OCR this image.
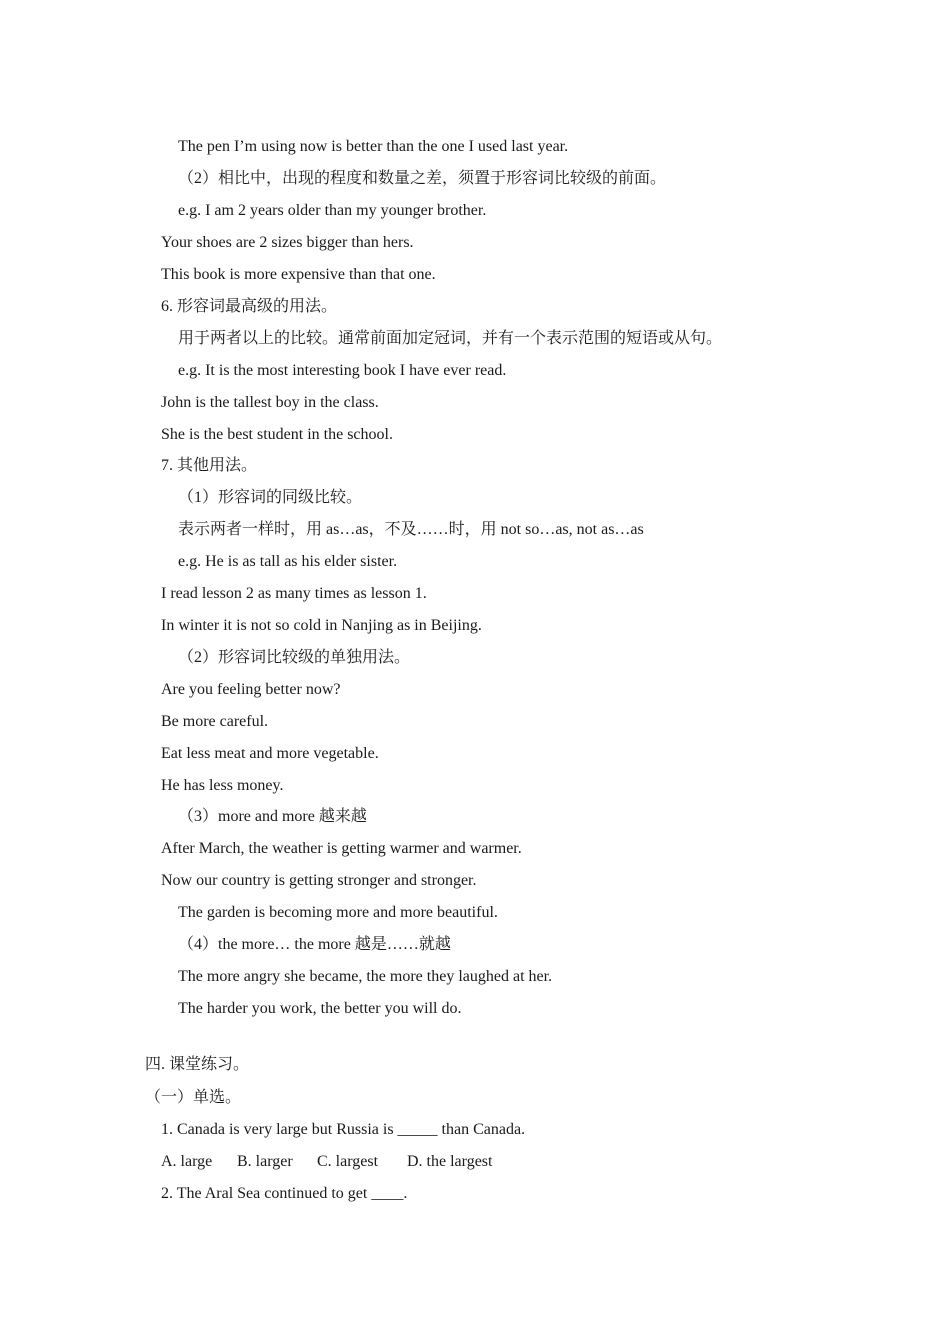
The pen I’m using now is better than the one I used last year.
（2）相比中，出现的程度和数量之差，须置于形容词比较级的前面。
e.g. I am 2 years older than my younger brother.
Your shoes are 2 sizes bigger than hers.
This book is more expensive than that one.
6. 形容词最高级的用法。
用于两者以上的比较。通常前面加定冠词，并有一个表示范围的短语或从句。
e.g. It is the most interesting book I have ever read.
John is the tallest boy in the class.
She is the best student in the school.
7. 其他用法。
（1）形容词的同级比较。
表示两者一样时，用 as…as，不及……时，用 not so…as, not as…as
e.g. He is as tall as his elder sister.
I read lesson 2 as many times as lesson 1.
In winter it is not so cold in Nanjing as in Beijing.
（2）形容词比较级的单独用法。
Are you feeling better now?
Be more careful.
Eat less meat and more vegetable.
He has less money.
（3）more and more 越来越
After March, the weather is getting warmer and warmer.
Now our country is getting stronger and stronger.
The garden is becoming more and more beautiful.
（4）the more… the more 越是……就越
The more angry she became, the more they laughed at her.
The harder you work, the better you will do.
四. 课堂练习。
（一）单选。
1. Canada is very large but Russia is _____ than Canada.
A. large B. larger C. largest D. the largest
2. The Aral Sea continued to get ____.
